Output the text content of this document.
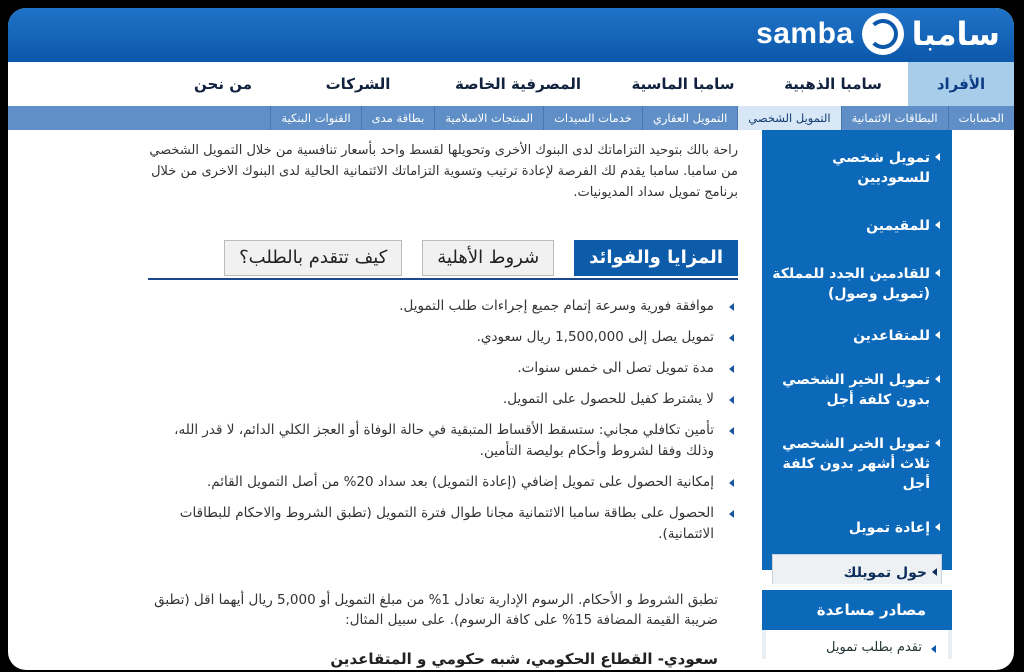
samba سامبا
الأفراد
سامبا الذهبية
سامبا الماسية
المصرفية الخاصة
الشركات
من نحن
الحسابات
البطاقات الائتمانية
التمويل الشخصي
التمويل العقاري
خدمات السيدات
المنتجات الاسلامية
بطاقة مدى
القنوات البنكية
تمويل شخصي للسعوديين
للمقيمين
للقادمين الجدد للمملكة (تمويل وصول)
للمتقاعدين
تمويل الخير الشخصي بدون كلفة أجل
تمويل الخير الشخصي ثلاث أشهر بدون كلفة أجل
إعادة تمويل
حول تمويلك
مصادر مساعدة
تقدم بطلب تمويل
راحة بالك بتوحيد التزاماتك لدى البنوك الأخرى وتحويلها لقسط واحد بأسعار تنافسية من خلال التمويل الشخصي من سامبا. سامبا يقدم لك الفرصة لإعادة ترتيب وتسوية التزاماتك الائتمانية الحالية لدى البنوك الاخرى من خلال برنامج تمويل سداد المديونيات.
المزايا والفوائد
شروط الأهلية
كيف تتقدم بالطلب؟
موافقة فورية وسرعة إتمام جميع إجراءات طلب التمويل.
تمويل يصل إلى 1,500,000 ريال سعودي.
مدة تمويل تصل الى خمس سنوات.
لا يشترط كفيل للحصول على التمويل.
تأمين تكافلي مجاني: ستسقط الأقساط المتبقية في حالة الوفاة أو العجز الكلي الدائم، لا قدر الله، وذلك وفقا لشروط وأحكام بوليصة التأمين.
إمكانية الحصول على تمويل إضافي (إعادة التمويل) بعد سداد 20% من أصل التمويل القائم.
الحصول على بطاقة سامبا الائتمانية مجانا طوال فترة التمويل (تطبق الشروط والاحكام للبطاقات الائتمانية).
تطبق الشروط و الأحكام. الرسوم الإدارية تعادل 1% من مبلغ التمويل أو 5,000 ريال أيهما اقل (تطبق ضريبة القيمة المضافة 15% على كافة الرسوم). على سبيل المثال:
سعودي- القطاع الحكومي، شبه حكومي و المتقاعدين
